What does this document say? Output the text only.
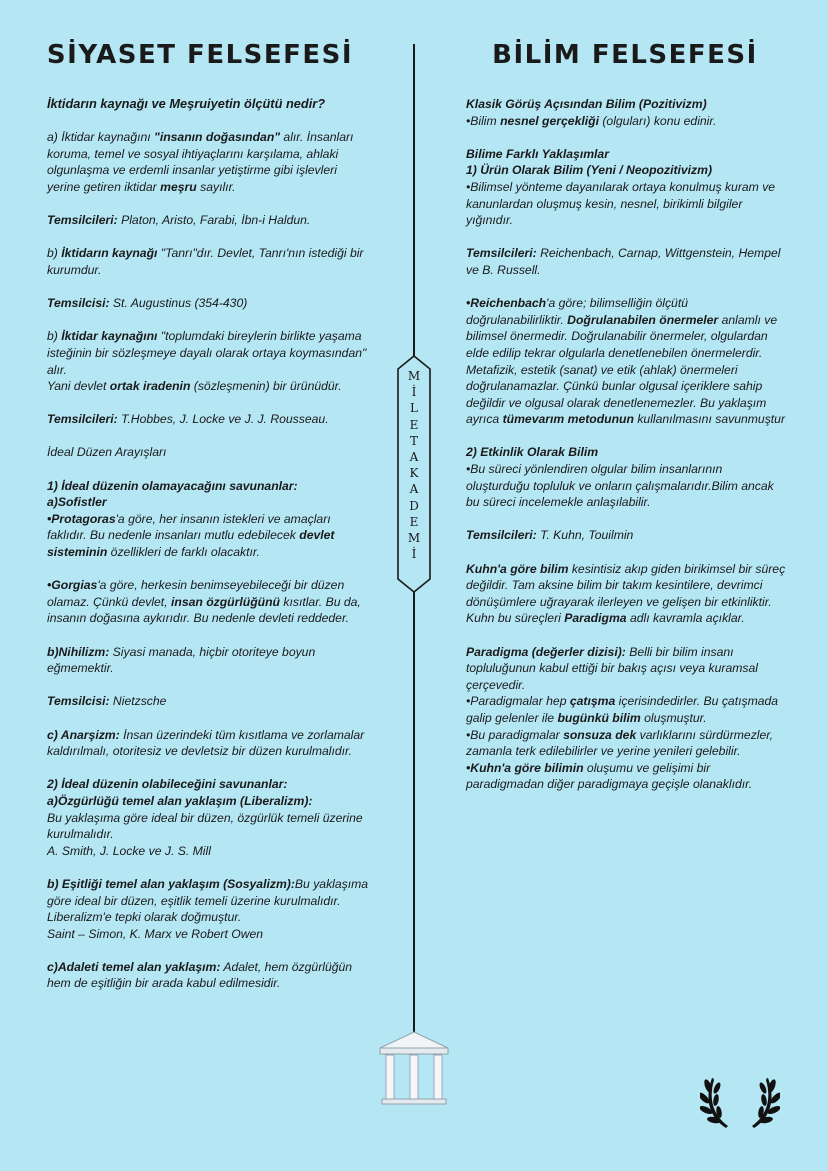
SİYASET FELSEFESİ	BİLİM FELSEFESİ
İktidarın kaynağı ve Meşruiyetin ölçütü nedir?

a) İktidar kaynağını "insanın doğasından" alır. İnsanları koruma, temel ve sosyal ihtiyaçlarını karşılama, ahlaki olgunlaşma ve erdemli insanlar yetiştirme gibi işlevleri yerine getiren iktidar meşru sayılır.

Temsilcileri: Platon, Aristo, Farabi, İbn-i Haldun.

b) İktidarın kaynağı "Tanrı"dır. Devlet, Tanrı'nın istediği bir kurumdur.

Temsilcisi: St. Augustinus (354-430)

b) İktidar kaynağını "toplumdaki bireylerin birlikte yaşama isteğinin bir sözleşmeye dayalı olarak ortaya koymasından" alır.

Yani devlet ortak iradenin (sözleşmenin) bir ürünüdür.

Temsilcileri: T.Hobbes, J. Locke ve J. J. Rousseau.

İdeal Düzen Arayışları

1) İdeal düzenin olamayacağını savunanlar:

a)Sofistler

•Protagoras'a göre, her insanın istekleri ve amaçları faklıdır. Bu nedenle insanları mutlu edebilecek devlet sisteminin özellikleri de farklı olacaktır.

•Gorgias'a göre, herkesin benimseyebileceği bir düzen olamaz. Çünkü devlet, insan özgürlüğünü kısıtlar. Bu da, insanın doğasına aykırıdır. Bu nedenle devleti reddeder.

b)Nihilizm: Siyasi manada, hiçbir otoriteye boyun eğmemektir.

Temsilcisi: Nietzsche

c) Anarşizm: İnsan üzerindeki tüm kısıtlama ve zorlamalar kaldırılmalı, otoritesiz ve devletsiz bir düzen kurulmalıdır.

2) İdeal düzenin olabileceğini savunanlar:

a)Özgürlüğü temel alan yaklaşım (Liberalizm):

Bu yaklaşıma göre ideal bir düzen, özgürlük temeli üzerine kurulmalıdır.

A. Smith, J. Locke ve J. S. Mill

b) Eşitliği temel alan yaklaşım (Sosyalizm):Bu yaklaşıma göre ideal bir düzen, eşitlik temeli üzerine kurulmalıdır. Liberalizm'e tepki olarak doğmuştur.

Saint – Simon, K. Marx ve Robert Owen

c)Adaleti temel alan yaklaşım: Adalet, hem özgürlüğün hem de eşitliğin bir arada kabul edilmesidir.

M
İ
L
E
T
A
K
A
D
E
M
İ

Klasik Görüş Açısından Bilim (Pozitivizm)

•Bilim nesnel gerçekliği (olguları) konu edinir.

Bilime Farklı Yaklaşımlar

1) Ürün Olarak Bilim (Yeni / Neopozitivizm)

•Bilimsel yönteme dayanılarak ortaya konulmuş kuram ve kanunlardan oluşmuş kesin, nesnel, birikimli bilgiler yığınıdır.

Temsilcileri: Reichenbach, Carnap, Wittgenstein, Hempel ve B. Russell.

•Reichenbach'a göre; bilimselliğin ölçütü doğrulanabilirliktir. Doğrulanabilen önermeler anlamlı ve bilimsel önermedir. Doğrulanabilir önermeler, olgulardan elde edilip tekrar olgularla denetlenebilen önermelerdir. Metafizik, estetik (sanat) ve etik (ahlak) önermeleri doğrulanamazlar. Çünkü bunlar olgusal içeriklere sahip değildir ve olgusal olarak denetlenemezler. Bu yaklaşım ayrıca tümevarım metodunun kullanılmasını savunmuştur

2) Etkinlik Olarak Bilim

•Bu süreci yönlendiren olgular bilim insanlarının oluşturduğu topluluk ve onların çalışmalarıdır.Bilim ancak bu süreci incelemekle anlaşılabilir.

Temsilcileri: T. Kuhn, Touilmin

Kuhn'a göre bilim kesintisiz akıp giden birikimsel bir süreç değildir. Tam aksine bilim bir takım kesintilere, devrimci dönüşümlere uğrayarak ilerleyen ve gelişen bir etkinliktir.

Kuhn bu süreçleri Paradigma adlı kavramla açıklar.

Paradigma (değerler dizisi): Belli bir bilim insanı topluluğunun kabul ettiği bir bakış açısı veya kuramsal çerçevedir.

•Paradigmalar hep çatışma içerisindedirler. Bu çatışmada galip gelenler ile bugünkü bilim oluşmuştur.

•Bu paradigmalar sonsuza dek varlıklarını sürdürmezler, zamanla terk edilebilirler ve yerine yenileri gelebilir.

•Kuhn'a göre bilimin oluşumu ve gelişimi bir paradigmadan diğer paradigmaya geçişle olanaklıdır.
